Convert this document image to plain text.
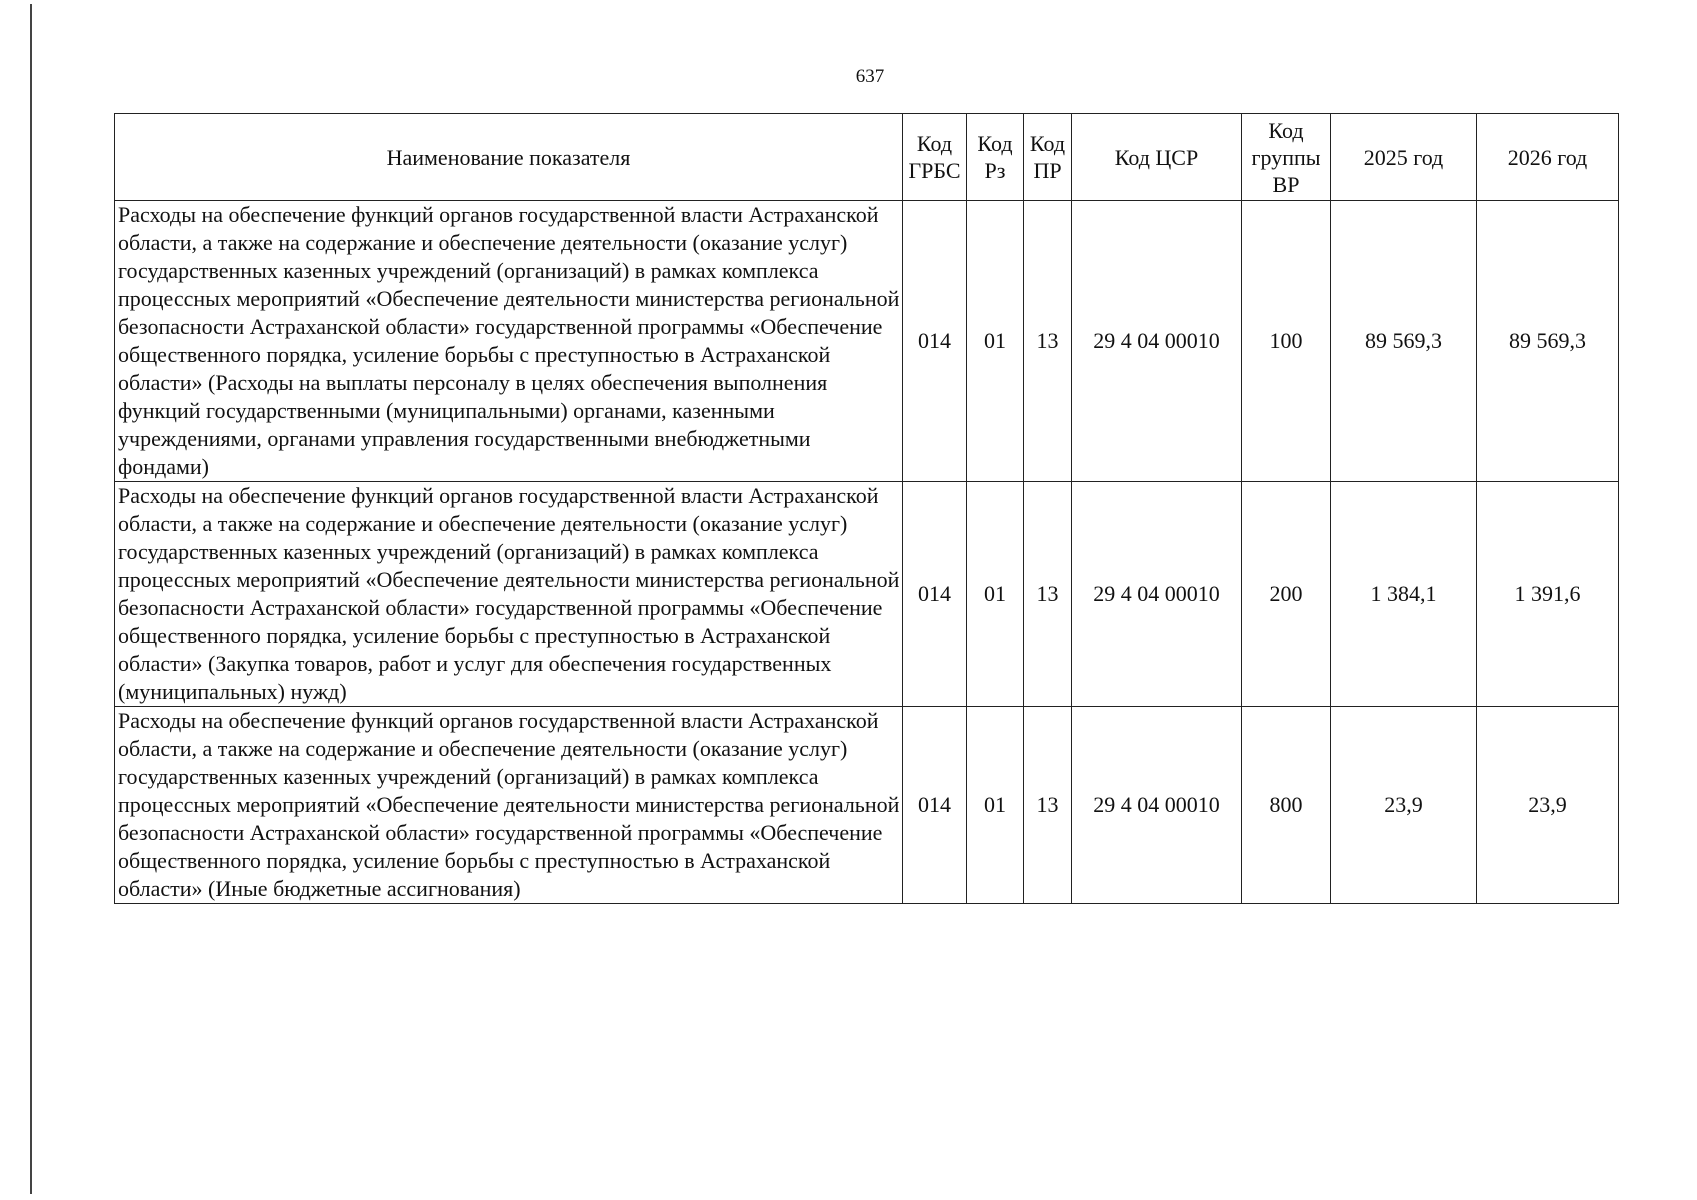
637
Наименование показателя	Код ГРБС	Код Рз	Код ПР	Код ЦСР	Код группы ВР	2025 год	2026 год
Расходы на обеспечение функций органов государственной власти Астраханской области, а также на содержание и обеспечение деятельности (оказание услуг) государственных казенных учреждений (организаций) в рамках комплекса процессных мероприятий «Обеспечение деятельности министерства региональной безопасности Астраханской области» государственной программы «Обеспечение общественного порядка, усиление борьбы с преступностью в Астраханской области» (Расходы на выплаты персоналу в целях обеспечения выполнения функций государственными (муниципальными) органами, казенными учреждениями, органами управления государственными внебюджетными фондами)	014	01	13	29 4 04 00010	100	89 569,3	89 569,3
Расходы на обеспечение функций органов государственной власти Астраханской области, а также на содержание и обеспечение деятельности (оказание услуг) государственных казенных учреждений (организаций) в рамках комплекса процессных мероприятий «Обеспечение деятельности министерства региональной безопасности Астраханской области» государственной программы «Обеспечение общественного порядка, усиление борьбы с преступностью в Астраханской области» (Закупка товаров, работ и услуг для обеспечения государственных (муниципальных) нужд)	014	01	13	29 4 04 00010	200	1 384,1	1 391,6
Расходы на обеспечение функций органов государственной власти Астраханской области, а также на содержание и обеспечение деятельности (оказание услуг) государственных казенных учреждений (организаций) в рамках комплекса процессных мероприятий «Обеспечение деятельности министерства региональной безопасности Астраханской области» государственной программы «Обеспечение общественного порядка, усиление борьбы с преступностью в Астраханской области» (Иные бюджетные ассигнования)	014	01	13	29 4 04 00010	800	23,9	23,9
